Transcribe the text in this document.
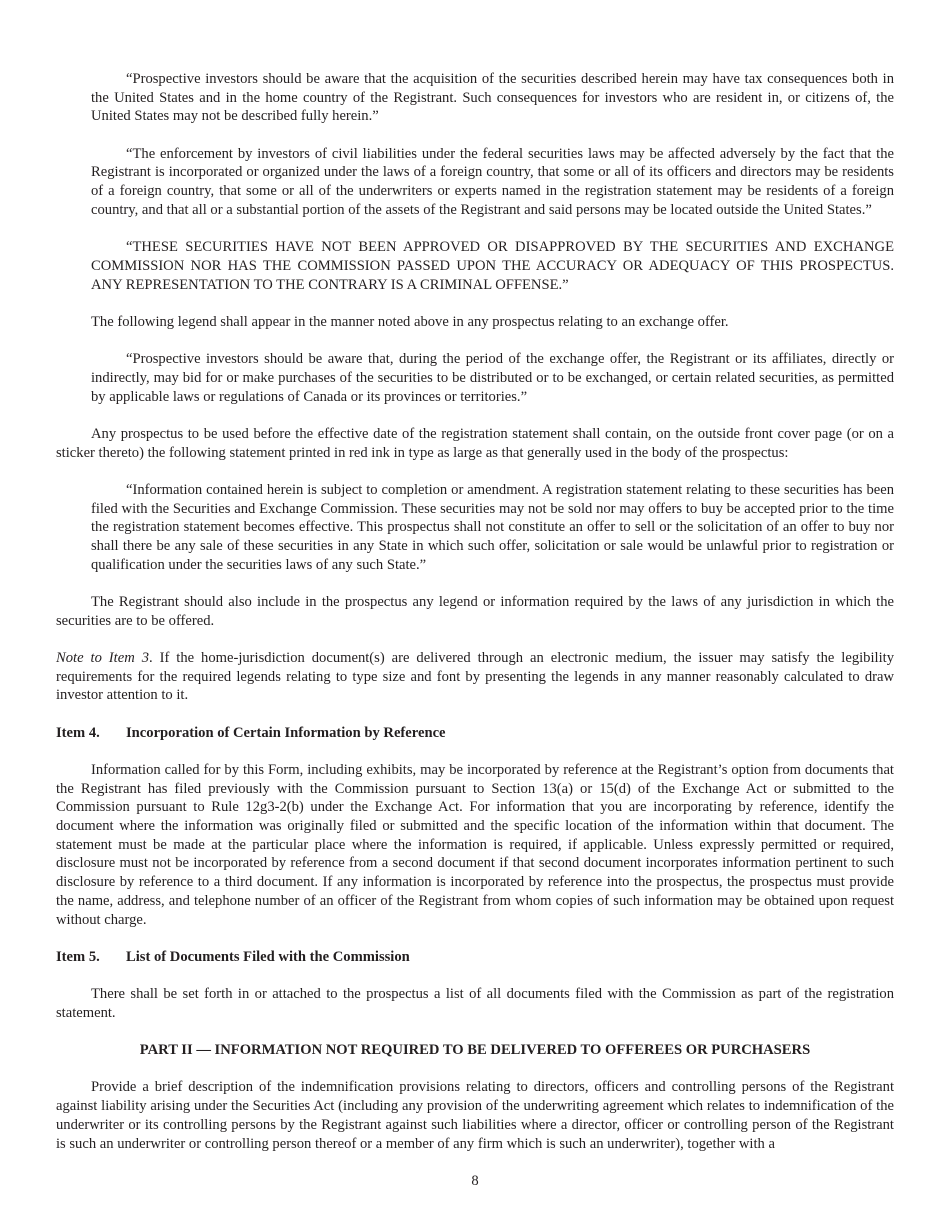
“Prospective investors should be aware that the acquisition of the securities described herein may have tax consequences both in the United States and in the home country of the Registrant. Such consequences for investors who are resident in, or citizens of, the United States may not be described fully herein.”

“The enforcement by investors of civil liabilities under the federal securities laws may be affected adversely by the fact that the Registrant is incorporated or organized under the laws of a foreign country, that some or all of its officers and directors may be residents of a foreign country, that some or all of the underwriters or experts named in the registration statement may be residents of a foreign country, and that all or a substantial portion of the assets of the Registrant and said persons may be located outside the United States.”

“THESE SECURITIES HAVE NOT BEEN APPROVED OR DISAPPROVED BY THE SECURITIES AND EXCHANGE COMMISSION NOR HAS THE COMMISSION PASSED UPON THE ACCURACY OR ADEQUACY OF THIS PROSPECTUS. ANY REPRESENTATION TO THE CONTRARY IS A CRIMINAL OFFENSE.”

The following legend shall appear in the manner noted above in any prospectus relating to an exchange offer.

“Prospective investors should be aware that, during the period of the exchange offer, the Registrant or its affiliates, directly or indirectly, may bid for or make purchases of the securities to be distributed or to be exchanged, or certain related securities, as permitted by applicable laws or regulations of Canada or its provinces or territories.”

Any prospectus to be used before the effective date of the registration statement shall contain, on the outside front cover page (or on a sticker thereto) the following statement printed in red ink in type as large as that generally used in the body of the prospectus:

“Information contained herein is subject to completion or amendment. A registration statement relating to these securities has been filed with the Securities and Exchange Commission. These securities may not be sold nor may offers to buy be accepted prior to the time the registration statement becomes effective. This prospectus shall not constitute an offer to sell or the solicitation of an offer to buy nor shall there be any sale of these securities in any State in which such offer, solicitation or sale would be unlawful prior to registration or qualification under the securities laws of any such State.”

The Registrant should also include in the prospectus any legend or information required by the laws of any jurisdiction in which the securities are to be offered.

Note to Item 3. If the home-jurisdiction document(s) are delivered through an electronic medium, the issuer may satisfy the legibility requirements for the required legends relating to type size and font by presenting the legends in any manner reasonably calculated to draw investor attention to it.

Item 4. Incorporation of Certain Information by Reference

Information called for by this Form, including exhibits, may be incorporated by reference at the Registrant’s option from documents that the Registrant has filed previously with the Commission pursuant to Section 13(a) or 15(d) of the Exchange Act or submitted to the Commission pursuant to Rule 12g3-2(b) under the Exchange Act. For information that you are incorporating by reference, identify the document where the information was originally filed or submitted and the specific location of the information within that document. The statement must be made at the particular place where the information is required, if applicable. Unless expressly permitted or required, disclosure must not be incorporated by reference from a second document if that second document incorporates information pertinent to such disclosure by reference to a third document. If any information is incorporated by reference into the prospectus, the prospectus must provide the name, address, and telephone number of an officer of the Registrant from whom copies of such information may be obtained upon request without charge.

Item 5. List of Documents Filed with the Commission

There shall be set forth in or attached to the prospectus a list of all documents filed with the Commission as part of the registration statement.

PART II — INFORMATION NOT REQUIRED TO BE DELIVERED TO OFFEREES OR PURCHASERS

Provide a brief description of the indemnification provisions relating to directors, officers and controlling persons of the Registrant against liability arising under the Securities Act (including any provision of the underwriting agreement which relates to indemnification of the underwriter or its controlling persons by the Registrant against such liabilities where a director, officer or controlling person of the Registrant is such an underwriter or controlling person thereof or a member of any firm which is such an underwriter), together with a

8
